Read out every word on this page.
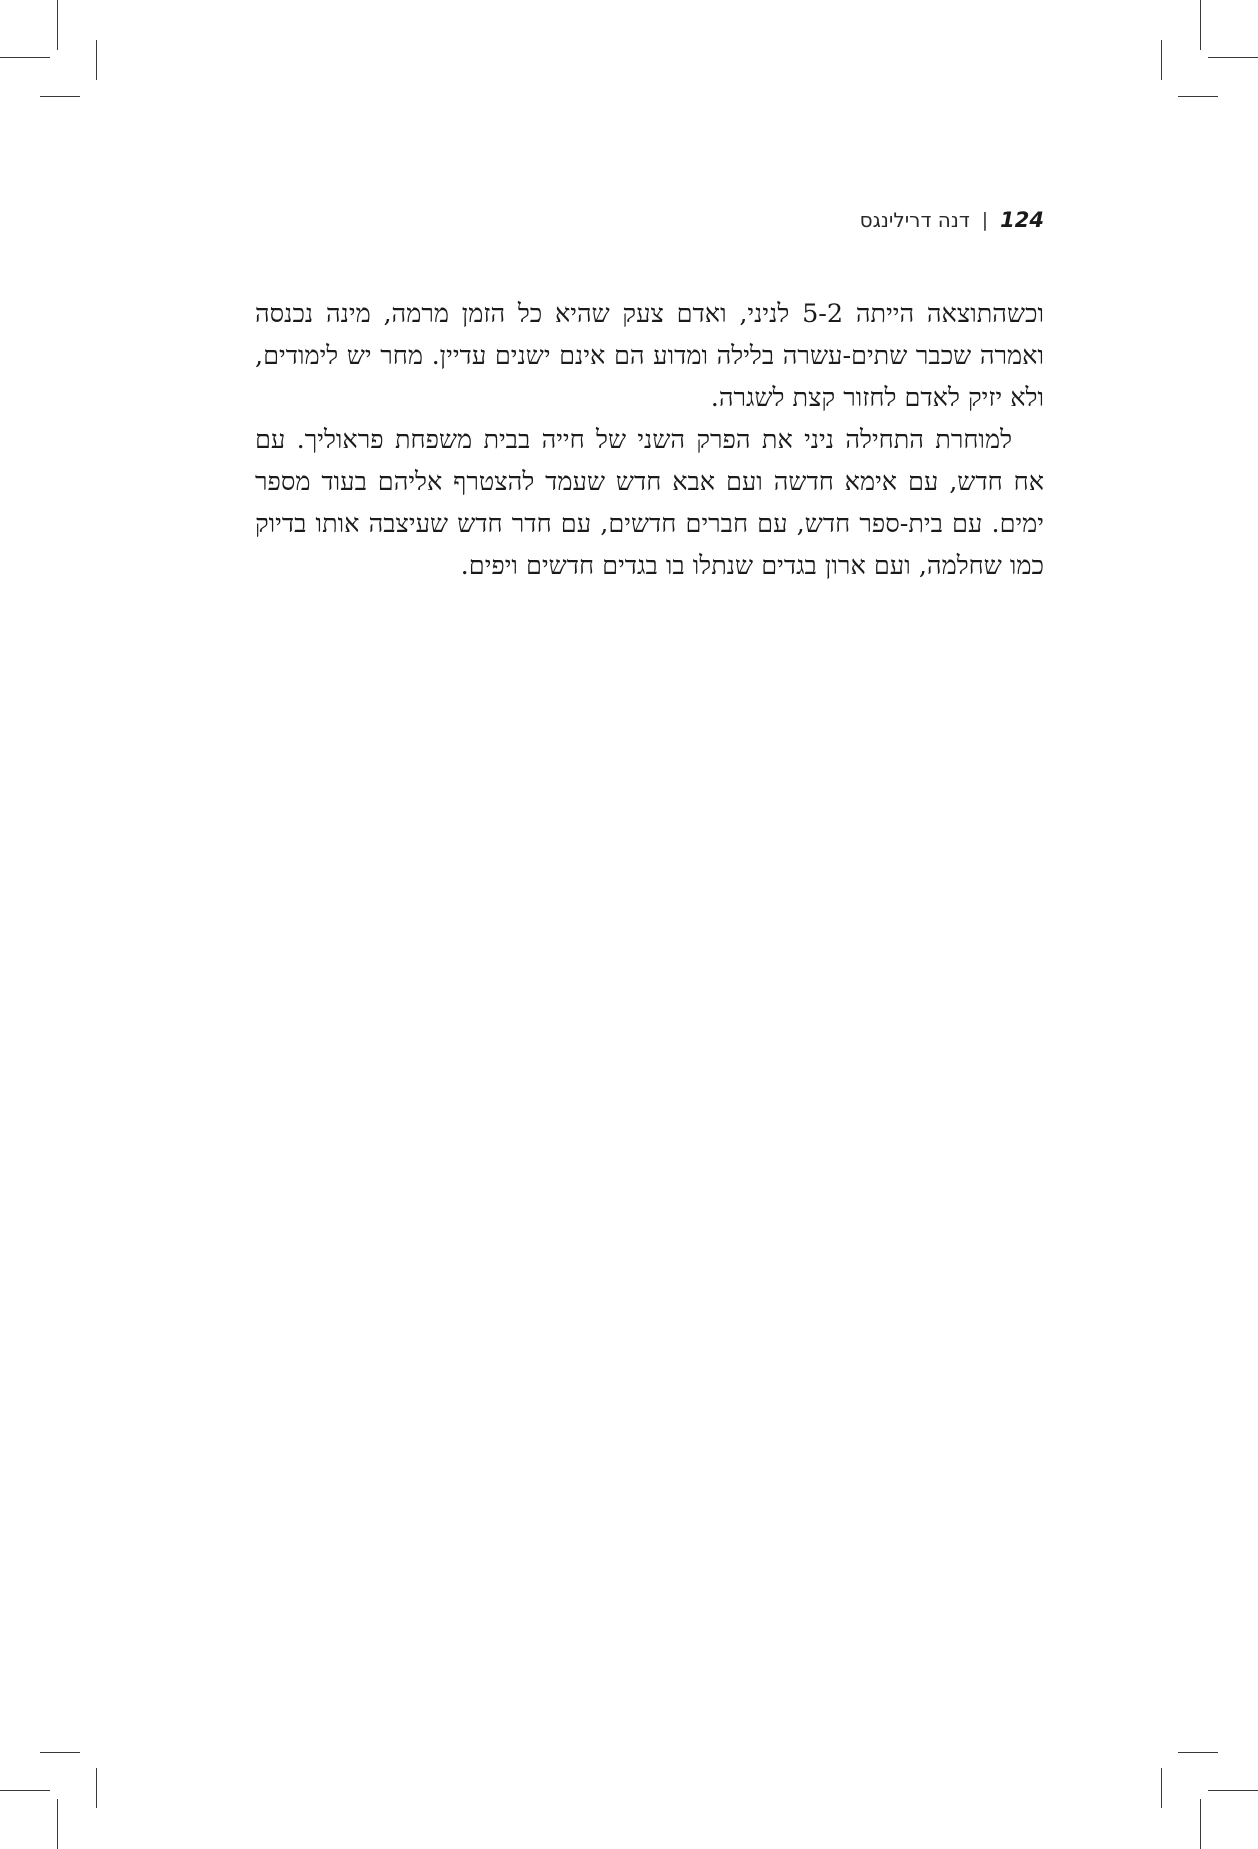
124
|
דנה דרילינגס

וכשהתוצאה הייתה 5-2 לניני, ואדם צעק שהיא כל הזמן מרמה, מינה נכנסה ואמרה שכבר שתים-עשרה בלילה ומדוע הם אינם ישנים עדיין. מחר יש לימודים, ולא יזיק לאדם לחזור קצת לשגרה.

למוחרת התחילה ניני את הפרק השני של חייה בבית משפחת פראוליך. עם אח חדש, עם אימא חדשה ועם אבא חדש שעמד להצטרף אליהם בעוד מספר ימים. עם בית-ספר חדש, עם חברים חדשים, עם חדר חדש שעיצבה אותו בדיוק כמו שחלמה, ועם ארון בגדים שנתלו בו בגדים חדשים ויפים.
